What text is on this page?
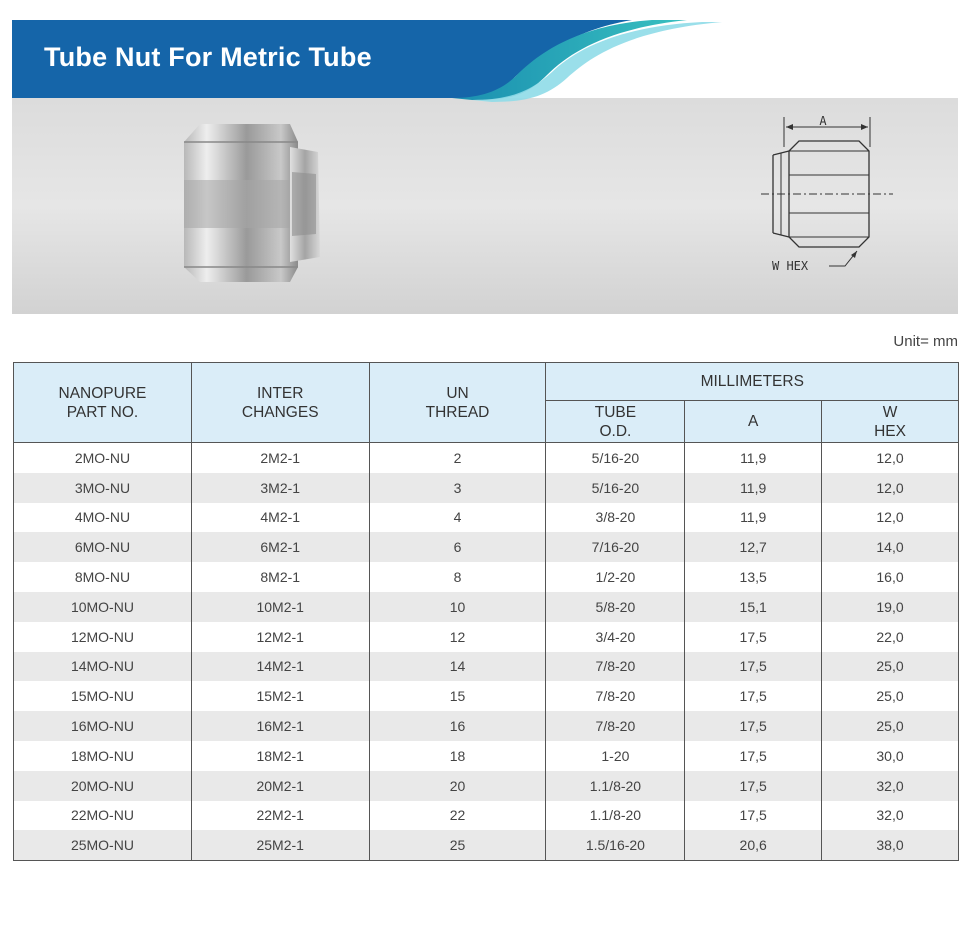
Tube Nut For Metric Tube
A
W HEX
Unit= mm
NANOPURE PART NO.	INTER CHANGES	UN THREAD	MILLIMETERS		
			TUBE O.D.	A	W HEX
2MO-NU	2M2-1	2	5/16-20	11,9	12,0
3MO-NU	3M2-1	3	5/16-20	11,9	12,0
4MO-NU	4M2-1	4	3/8-20	11,9	12,0
6MO-NU	6M2-1	6	7/16-20	12,7	14,0
8MO-NU	8M2-1	8	1/2-20	13,5	16,0
10MO-NU	10M2-1	10	5/8-20	15,1	19,0
12MO-NU	12M2-1	12	3/4-20	17,5	22,0
14MO-NU	14M2-1	14	7/8-20	17,5	25,0
15MO-NU	15M2-1	15	7/8-20	17,5	25,0
16MO-NU	16M2-1	16	7/8-20	17,5	25,0
18MO-NU	18M2-1	18	1-20	17,5	30,0
20MO-NU	20M2-1	20	1.1/8-20	17,5	32,0
22MO-NU	22M2-1	22	1.1/8-20	17,5	32,0
25MO-NU	25M2-1	25	1.5/16-20	20,6	38,0
